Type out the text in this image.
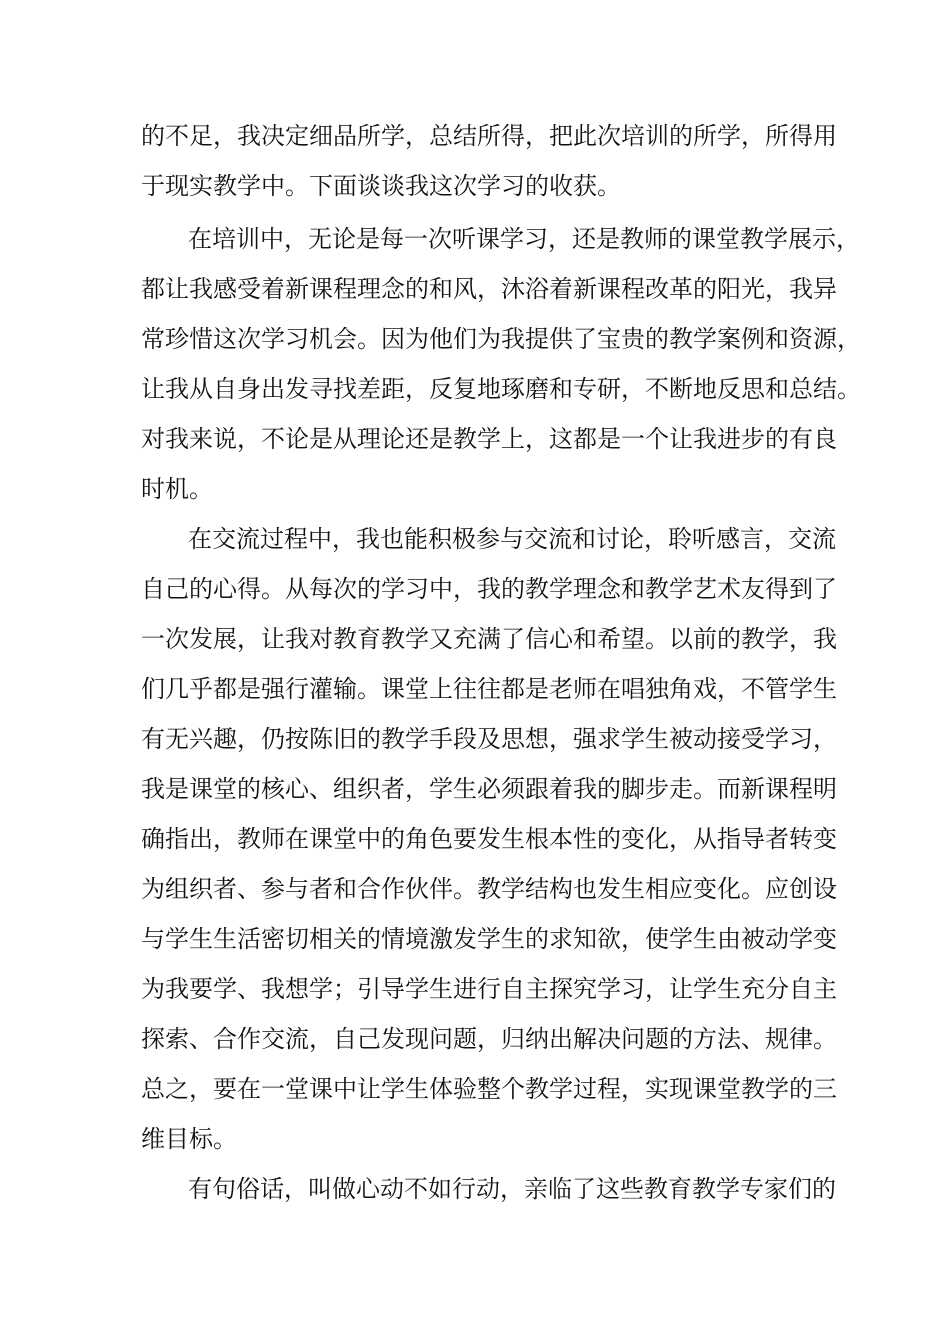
的不足，我决定细品所学，总结所得，把此次培训的所学，所得用
于现实教学中。下面谈谈我这次学习的收获。
在培训中，无论是每一次听课学习，还是教师的课堂教学展示，
都让我感受着新课程理念的和风，沐浴着新课程改革的阳光，我异
常珍惜这次学习机会。因为他们为我提供了宝贵的教学案例和资源，
让我从自身出发寻找差距，反复地琢磨和专研，不断地反思和总结。
对我来说，不论是从理论还是教学上，这都是一个让我进步的有良
时机。
在交流过程中，我也能积极参与交流和讨论，聆听感言，交流
自己的心得。从每次的学习中，我的教学理念和教学艺术友得到了
一次发展，让我对教育教学又充满了信心和希望。以前的教学，我
们几乎都是强行灌输。课堂上往往都是老师在唱独角戏，不管学生
有无兴趣，仍按陈旧的教学手段及思想，强求学生被动接受学习，
我是课堂的核心、组织者，学生必须跟着我的脚步走。而新课程明
确指出，教师在课堂中的角色要发生根本性的变化，从指导者转变
为组织者、参与者和合作伙伴。教学结构也发生相应变化。应创设
与学生生活密切相关的情境激发学生的求知欲，使学生由被动学变
为我要学、我想学；引导学生进行自主探究学习，让学生充分自主
探索、合作交流，自己发现问题，归纳出解决问题的方法、规律。
总之，要在一堂课中让学生体验整个教学过程，实现课堂教学的三
维目标。
有句俗话，叫做心动不如行动，亲临了这些教育教学专家们的
